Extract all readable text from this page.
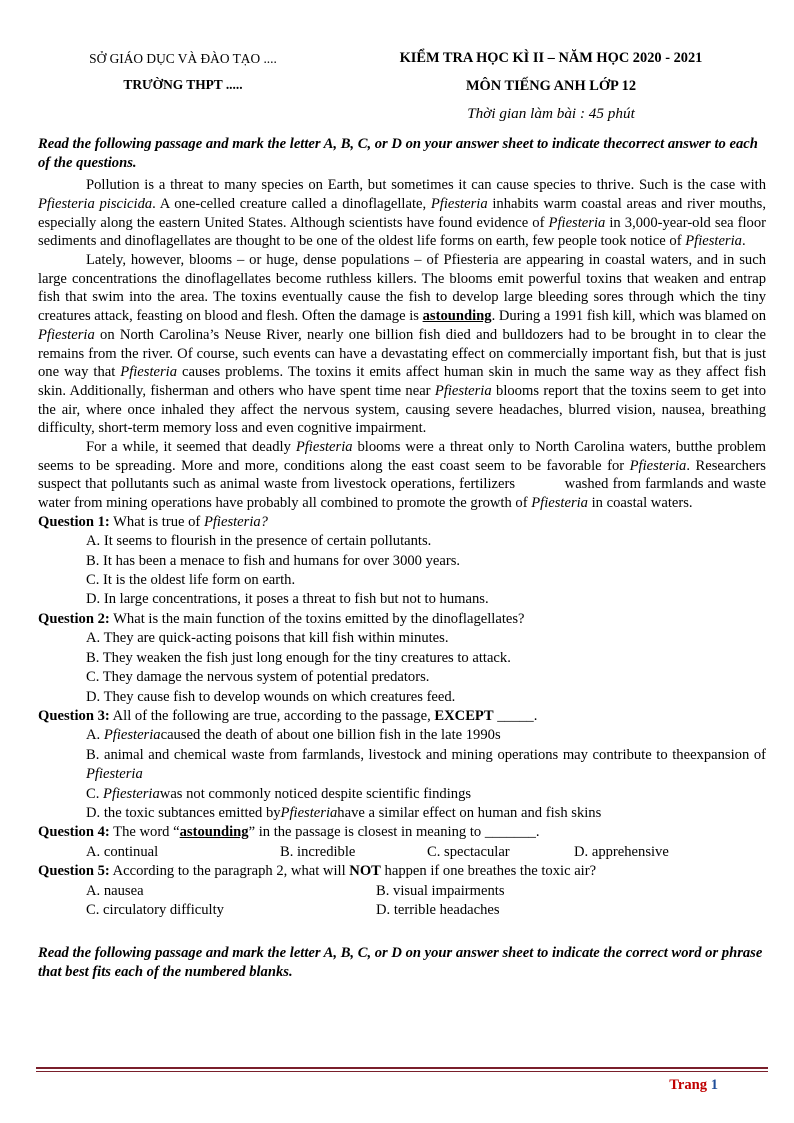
SỞ GIÁO DỤC VÀ ĐÀO TẠO ....
TRƯỜNG THPT .....
KIỂM TRA HỌC KÌ II – NĂM HỌC 2020 - 2021
MÔN TIẾNG ANH LỚP 12
Thời gian làm bài : 45 phút
Read the following passage and mark the letter A, B, C, or D on your answer sheet to indicate thecorrect answer to each of the questions.

Pollution is a threat to many species on Earth, but sometimes it can cause species to thrive. Such is the case with Pfiesteria piscicida. A one-celled creature called a dinoflagellate, Pfiesteria inhabits warm coastal areas and river mouths, especially along the eastern United States. Although scientists have found evidence of Pfiesteria in 3,000-year-old sea floor sediments and dinoflagellates are thought to be one of the oldest life forms on earth, few people took notice of Pfiesteria.

Lately, however, blooms – or huge, dense populations – of Pfiesteria are appearing in coastal waters, and in such large concentrations the dinoflagellates become ruthless killers. The blooms emit powerful toxins that weaken and entrap fish that swim into the area. The toxins eventually cause the fish to develop large bleeding sores through which the tiny creatures attack, feasting on blood and flesh. Often the damage is astounding. During a 1991 fish kill, which was blamed on Pfiesteria on North Carolina’s Neuse River, nearly one billion fish died and bulldozers had to be brought in to clear the remains from the river. Of course, such events can have a devastating effect on commercially important fish, but that is just one way that Pfiesteria causes problems. The toxins it emits affect human skin in much the same way as they affect fish skin. Additionally, fisherman and others who have spent time near Pfiesteria blooms report that the toxins seem to get into the air, where once inhaled they affect the nervous system, causing severe headaches, blurred vision, nausea, breathing difficulty, short-term memory loss and even cognitive impairment.

For a while, it seemed that deadly Pfiesteria blooms were a threat only to North Carolina waters, butthe problem seems to be spreading. More and more, conditions along the east coast seem to be favorable for Pfiesteria. Researchers suspect that pollutants such as animal waste from livestock operations, fertilizers            washed from farmlands and waste water from mining operations have probably all combined to promote the growth of Pfiesteria in coastal waters.

Question 1: What is true of Pfiesteria?
A. It seems to flourish in the presence of certain pollutants.
B. It has been a menace to fish and humans for over 3000 years.
C. It is the oldest life form on earth.
D. In large concentrations, it poses a threat to fish but not to humans.
Question 2: What is the main function of the toxins emitted by the dinoflagellates?
A. They are quick-acting poisons that kill fish within minutes.
B. They weaken the fish just long enough for the tiny creatures to attack.
C. They damage the nervous system of potential predators.
D. They cause fish to develop wounds on which creatures feed.
Question 3: All of the following are true, according to the passage, EXCEPT _____.
A. Pfiesteriacaused the death of about one billion fish in the late 1990s
B. animal and chemical waste from farmlands, livestock and mining operations may contribute to theexpansion of Pfiesteria
C. Pfiesteriawas not commonly noticed despite scientific findings
D. the toxic subtances emitted byPfiesteriahave a similar effect on human and fish skins
Question 4: The word “astounding” in the passage is closest in meaning to _______.
A. continual	B. incredible	C. spectacular	D. apprehensive
Question 5: According to the paragraph 2, what will NOT happen if one breathes the toxic air?
A. nausea	B. visual impairments
C. circulatory difficulty	D. terrible headaches
Read the following passage and mark the letter A, B, C, or D on your answer sheet to indicate the correct word or phrase that best fits each of the numbered blanks.
Trang 1
